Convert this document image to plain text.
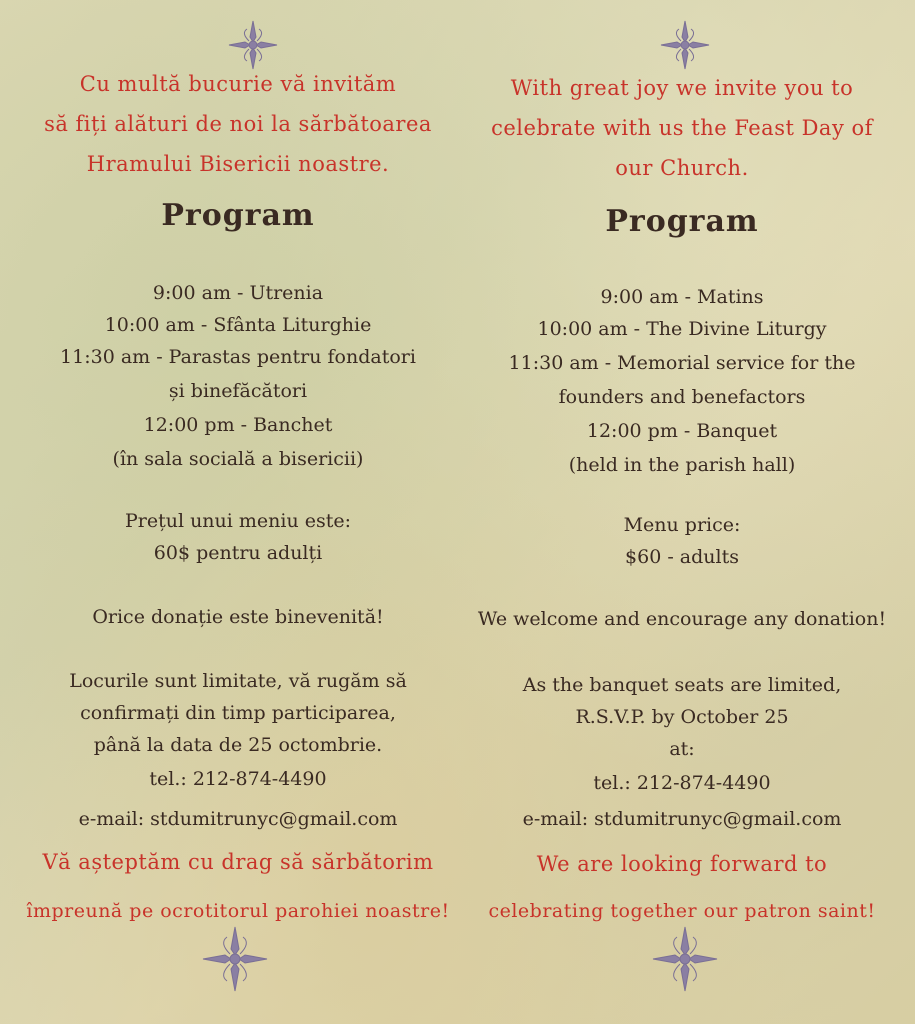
Cu multă bucurie vă invităm
să fiți alături de noi la sărbătoarea
Hramului Bisericii noastre.
Program
9:00 am - Utrenia
10:00 am - Sfânta Liturghie
11:30 am - Parastas pentru fondatori
și binefăcători
12:00 pm - Banchet
(în sala socială a bisericii)
Prețul unui meniu este:
60$ pentru adulți
Orice donație este binevenită!
Locurile sunt limitate, vă rugăm să
confirmați din timp participarea,
până la data de 25 octombrie.
tel.: 212-874-4490
e-mail: stdumitrunyc@gmail.com
Vă așteptăm cu drag să sărbătorim
împreună pe ocrotitorul parohiei noastre!
With great joy we invite you to
celebrate with us the Feast Day of
our Church.
Program
9:00 am - Matins
10:00 am - The Divine Liturgy
11:30 am - Memorial service for the
founders and benefactors
12:00 pm - Banquet
(held in the parish hall)
Menu price:
$60 - adults
We welcome and encourage any donation!
As the banquet seats are limited,
R.S.V.P. by October 25
at:
tel.: 212-874-4490
e-mail: stdumitrunyc@gmail.com
We are looking forward to
celebrating together our patron saint!
